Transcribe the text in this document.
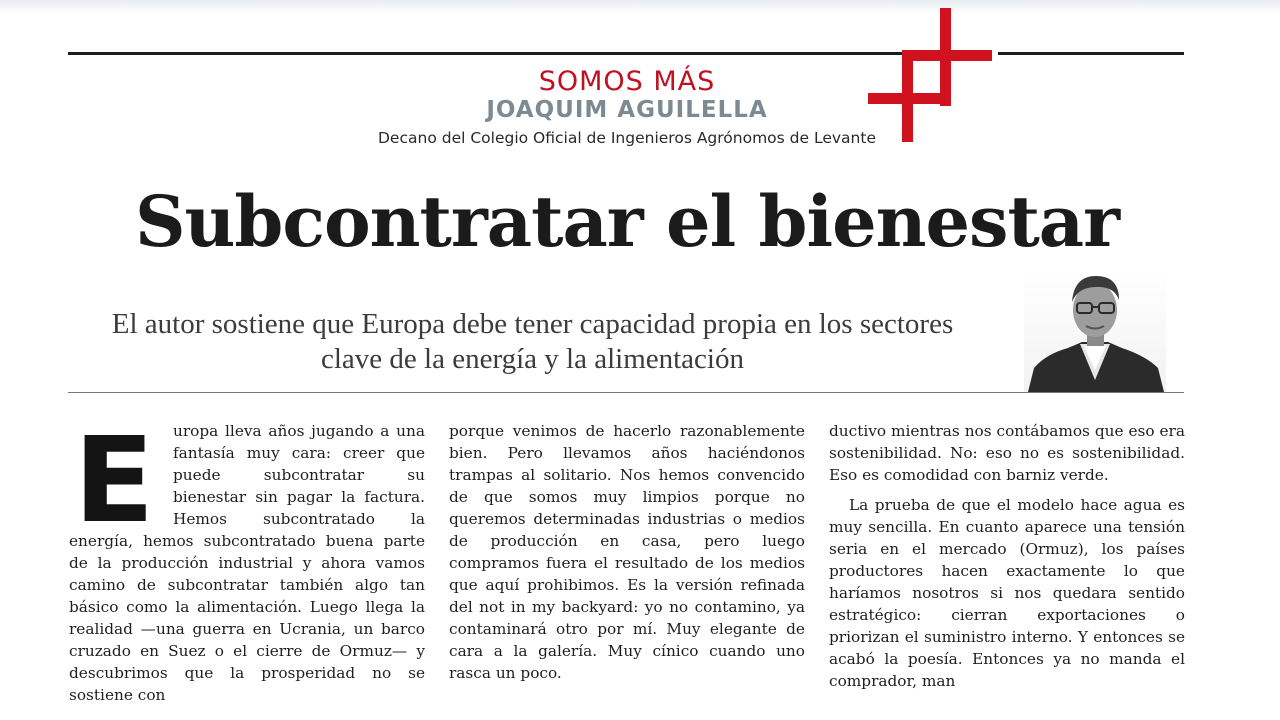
SOMOS MÁS
JOAQUIM AGUILELLA
Decano del Colegio Oficial de Ingenieros Agrónomos de Levante
Subcontratar el bienestar
El autor sostiene que Europa debe tener capacidad propia en los sectores clave de la energía y la alimentación
E	uropa lleva años jugando a una fantasía muy cara: creer que puede subcontratar su bienestar sin pagar la factura. Hemos subcontratado la energía, hemos subcontratado buena parte de la producción industrial y ahora vamos camino de subcontratar también algo tan básico como la alimentación. Luego llega la realidad —una guerra en Ucrania, un barco cruzado en Suez o el cierre de Ormuz— y descubrimos que la prosperidad no se sostiene con

porque venimos de hacerlo razonablemente bien. Pero llevamos años haciéndonos trampas al solitario. Nos hemos convencido de que somos muy limpios porque no queremos determinadas industrias o medios de producción en casa, pero luego compramos fuera el resultado de los medios que aquí prohibimos. Es la versión refinada del not in my backyard: yo no contamino, ya contaminará otro por mí. Muy elegante de cara a la galería. Muy cínico cuando uno rasca un poco.

ductivo mientras nos contábamos que eso era sostenibilidad. No: eso no es sostenibilidad. Eso es comodidad con barniz verde.

La prueba de que el modelo hace agua es muy sencilla. En cuanto aparece una tensión seria en el mercado (Ormuz), los países productores hacen exactamente lo que haríamos nosotros si nos quedara sentido estratégico: cierran exportaciones o priorizan el suministro interno. Y entonces se acabó la poesía. Entonces ya no manda el comprador, man
